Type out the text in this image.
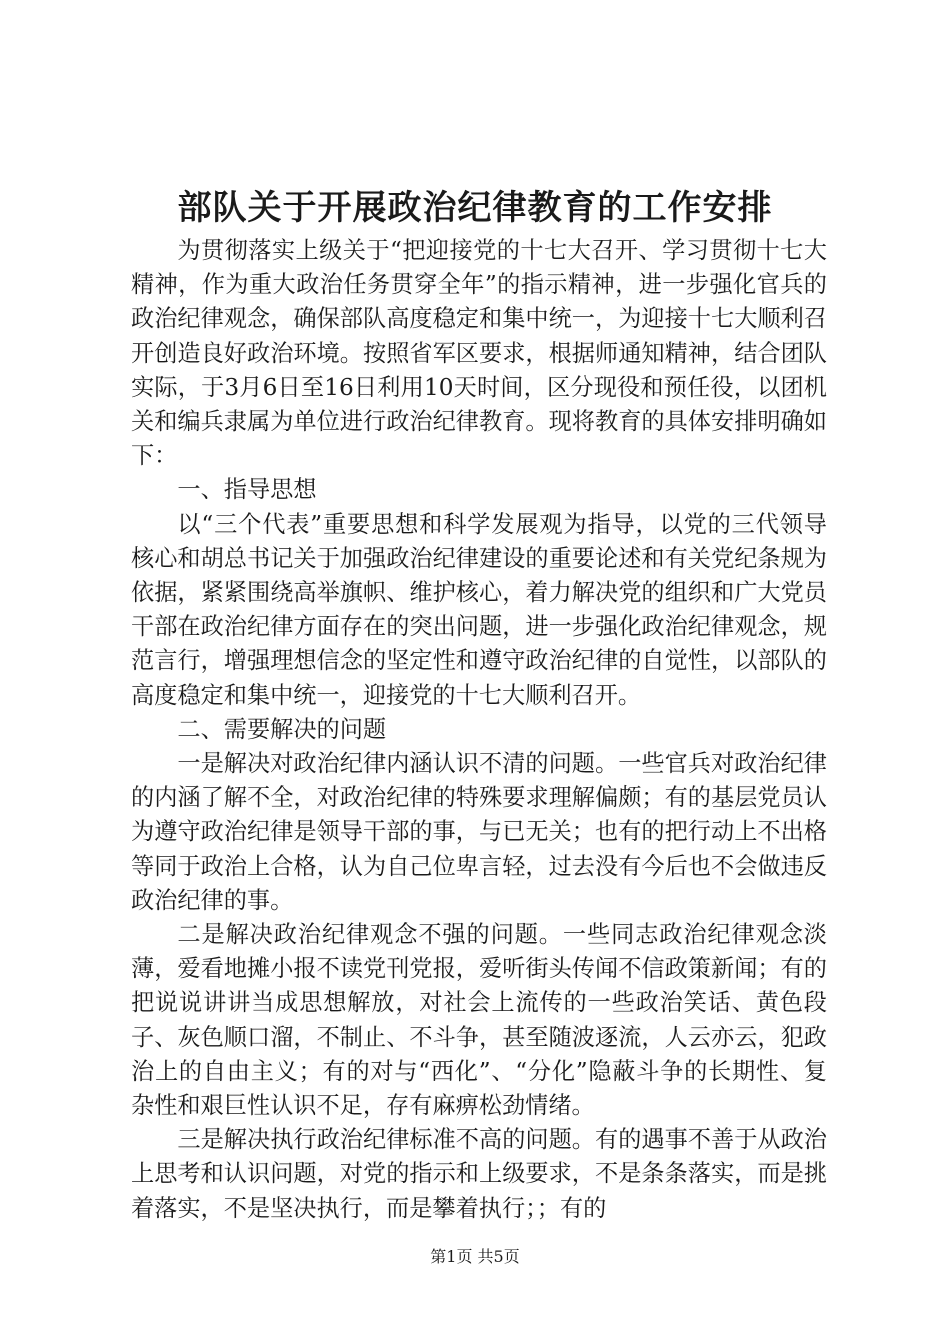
部队关于开展政治纪律教育的工作安排

为贯彻落实上级关于“把迎接党的十七大召开、学习贯彻十七大精神，作为重大政治任务贯穿全年”的指示精神，进一步强化官兵的政治纪律观念，确保部队高度稳定和集中统一，为迎接十七大顺利召开创造良好政治环境。按照省军区要求，根据师通知精神，结合团队实际，于3月6日至16日利用10天时间，区分现役和预任役，以团机关和编兵隶属为单位进行政治纪律教育。现将教育的具体安排明确如下：

一、指导思想

以“三个代表”重要思想和科学发展观为指导，以党的三代领导核心和胡总书记关于加强政治纪律建设的重要论述和有关党纪条规为依据，紧紧围绕高举旗帜、维护核心，着力解决党的组织和广大党员干部在政治纪律方面存在的突出问题，进一步强化政治纪律观念，规范言行，增强理想信念的坚定性和遵守政治纪律的自觉性，以部队的高度稳定和集中统一，迎接党的十七大顺利召开。

二、需要解决的问题

一是解决对政治纪律内涵认识不清的问题。一些官兵对政治纪律的内涵了解不全，对政治纪律的特殊要求理解偏颇；有的基层党员认为遵守政治纪律是领导干部的事，与已无关；也有的把行动上不出格等同于政治上合格，认为自己位卑言轻，过去没有今后也不会做违反政治纪律的事。

二是解决政治纪律观念不强的问题。一些同志政治纪律观念淡薄，爱看地摊小报不读党刊党报，爱听街头传闻不信政策新闻；有的把说说讲讲当成思想解放，对社会上流传的一些政治笑话、黄色段子、灰色顺口溜，不制止、不斗争，甚至随波逐流，人云亦云，犯政治上的自由主义；有的对与“西化”、“分化”隐蔽斗争的长期性、复杂性和艰巨性认识不足，存有麻痹松劲情绪。

三是解决执行政治纪律标准不高的问题。有的遇事不善于从政治上思考和认识问题，对党的指示和上级要求，不是条条落实，而是挑着落实，不是坚决执行，而是攀着执行；；有的

第1页 共5页
